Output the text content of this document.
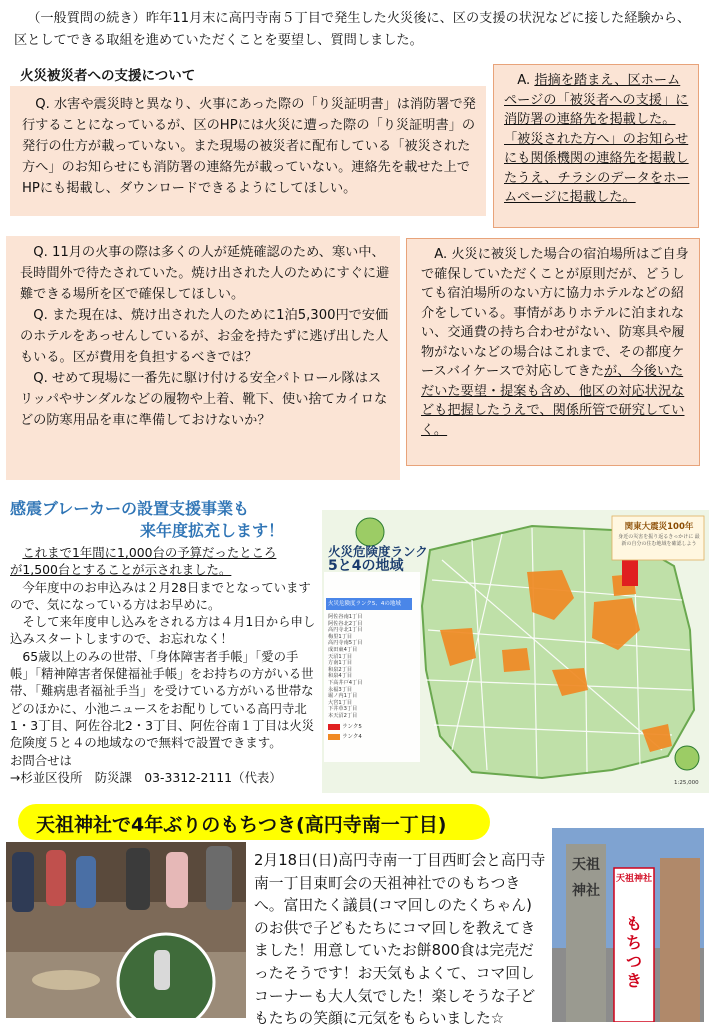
（一般質問の続き）昨年11月末に高円寺南５丁目で発生した火災後に、区の支援の状況などに接した経験から、区としてできる取組を進めていただくことを要望し、質問しました。
火災被災者への支援について

Q. 水害や震災時と異なり、火事にあった際の「り災証明書」は消防署で発行することになっているが、区のHPには火災に遭った際の「り災証明書」の発行の仕方が載っていない。また現場の被災者に配布している「被災された方へ」のお知らせにも消防署の連絡先が載っていない。連絡先を載せた上でHPにも掲載し、ダウンロードできるようにしてほしい。

A. 指摘を踏まえ、区ホームページの「被災者への支援」に消防署の連絡先を掲載した。「被災された方へ」のお知らせにも関係機関の連絡先を掲載したうえ、チラシのデータをホームページに掲載した。

Q. 11月の火事の際は多くの人が延焼確認のため、寒い中、長時間外で待たされていた。焼け出された人のためにすぐに避難できる場所を区で確保してほしい。

Q. また現在は、焼け出された人のために1泊5,300円で安価のホテルをあっせんしているが、お金を持たずに逃げ出した人もいる。区が費用を負担するべきでは？

Q. せめて現場に一番先に駆け付ける安全パトロール隊はスリッパやサンダルなどの履物や上着、靴下、使い捨てカイロなどの防寒用品を車に準備しておけないか？

A. 火災に被災した場合の宿泊場所はご自身で確保していただくことが原則だが、どうしても宿泊場所のない方に協力ホテルなどの紹介をしている。事情がありホテルに泊まれない、交通費の持ち合わせがない、防寒具や履物がないなどの場合はこれまで、その都度ケースバイケースで対応してきたが、今後いただいた要望・提案も含め、他区の対応状況なども把握したうえで、関係所管で研究していく。

感震ブレーカーの設置支援事業も
来年度拡充します！

これまで1年間に1,000台の予算だったところ

が1,500台とすることが示されました。

今年度中のお申込みは２月28日までとなっていますので、気になっている方はお早めに。

そして来年度申し込みをされる方は４月1日から申し込みスタートしますので、お忘れなく！

65歳以上のみの世帯、「身体障害者手帳」「愛の手帳」「精神障害者保健福祉手帳」をお持ちの方がいる世帯、「難病患者福祉手当」を受けている方がいる世帯などのほかに、小池ニュースをお配りしている高円寺北1・3丁目、阿佐谷北2・3丁目、阿佐谷南１丁目は火災危険度５と４の地域なので無料で設置できます。

お問合せは

→杉並区役所　防災課　03-3312-2111（代表）

火災危険度ランク
5と4の地域
関東大震災100年
身近の災害を振り返るきっかけに 最新の自分の住む地域を確認しよう
火災危険度ランク5、4の地域
阿佐谷南1丁目
阿佐谷北2丁目
高円寺北1丁目
梅里1丁目
高円寺南5丁目
成田東4丁目
天沼1丁目
方南1丁目
和泉2丁目
和泉4丁目
下高井戸4丁目
永福3丁目
堀ノ内1丁目
大宮1丁目
下井草3丁目
本天沼2丁目
ランク5
ランク4
1:25,000
天祖神社で4年ぶりのもちつき(高円寺南一丁目)
2月18日(日)高円寺南一丁目西町会と高円寺南一丁目東町会の天祖神社でのもちつきへ。富田たく議員(コマ回しのたくちゃん)のお供で子どもたちにコマ回しを教えてきました！用意していたお餅800食は完売だったそうです！お天気もよくて、コマ回しコーナーも大人気でした！楽しそうな子どもたちの笑顔に元気をもらいました☆
天祖神社
天祖神社
もちつき
